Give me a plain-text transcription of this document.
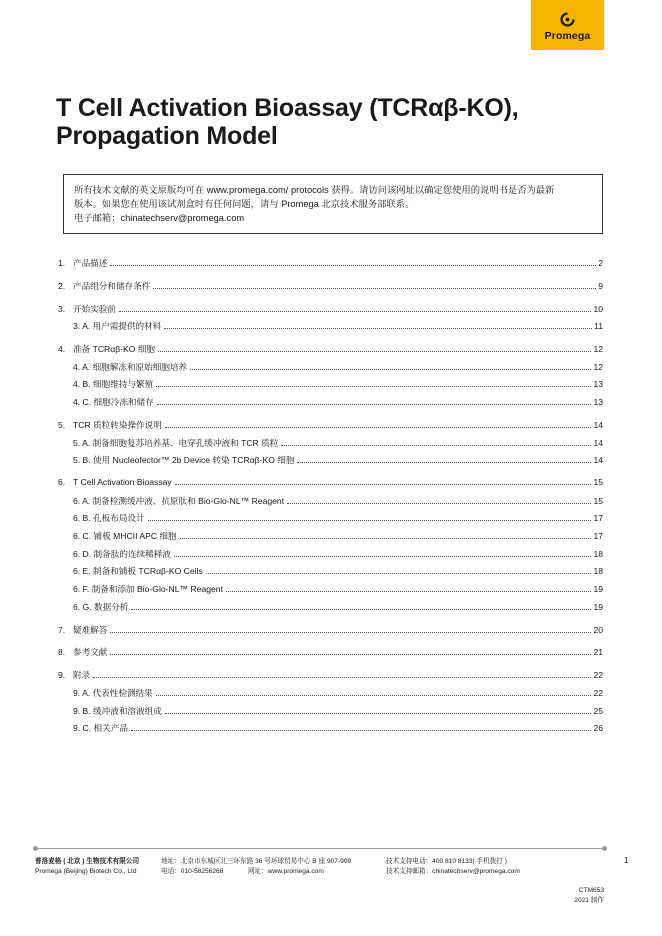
Promega
T Cell Activation Bioassay (TCRαβ-KO),
Propagation Model
所有技术文献的英文原版均可在 www.promega.com/ protocols 获得。请访问该网址以确定您使用的说明书是否为最新
版本。如果您在使用该试剂盒时有任何问题，请与 Promega 北京技术服务部联系。
电子邮箱：chinatechserv@promega.com
1. 产品描述	2
2. 产品组分和储存条件	9
3. 开始实验前	10
3. A. 用户需提供的材料	11
4. 准备 TCRαβ-KO 细胞	12
4. A. 细胞解冻和原始细胞培养	12
4. B. 细胞维持与繁殖	13
4. C. 细胞冷冻和储存	13
5. TCR 质粒转染操作说明	14
5. A. 制备细胞复苏培养基、电穿孔缓冲液和 TCR 质粒	14
5. B. 使用 Nucleofector™ 2b Device 转染 TCRαβ-KO 细胞	14
6. T Cell Activation Bioassay	15
6. A. 制备检测缓冲液、抗原肽和 Bio-Glo-NL™ Reagent	15
6. B. 孔板布局设计	17
6. C. 铺板 MHCII APC 细胞	17
6. D. 制备肽的连续稀释液	18
6. E. 制备和铺板 TCRαβ-KO Cells	18
6. F. 制备和添加 Bio-Glo-NL™ Reagent	19
6. G. 数据分析	19
7. 疑难解答	20
8. 参考文献	21
9. 附录	22
9. A. 代表性检测结果	22
9. B. 缓冲液和溶液组成	25
9. C. 相关产品	26
普洛麦格 ( 北京 ) 生物技术有限公司
Promega (Beijing) Biotech Co., Ltd
地址：北京市东城区北三环东路 36 号环球贸易中心 B 座 907-909
电话：010-58256268	网址：www.promega.com
技术支持电话：400 810 8133( 手机拨打 )
技术支持邮箱：chinatechserv@promega.com
1
CTM653
2021 制作
